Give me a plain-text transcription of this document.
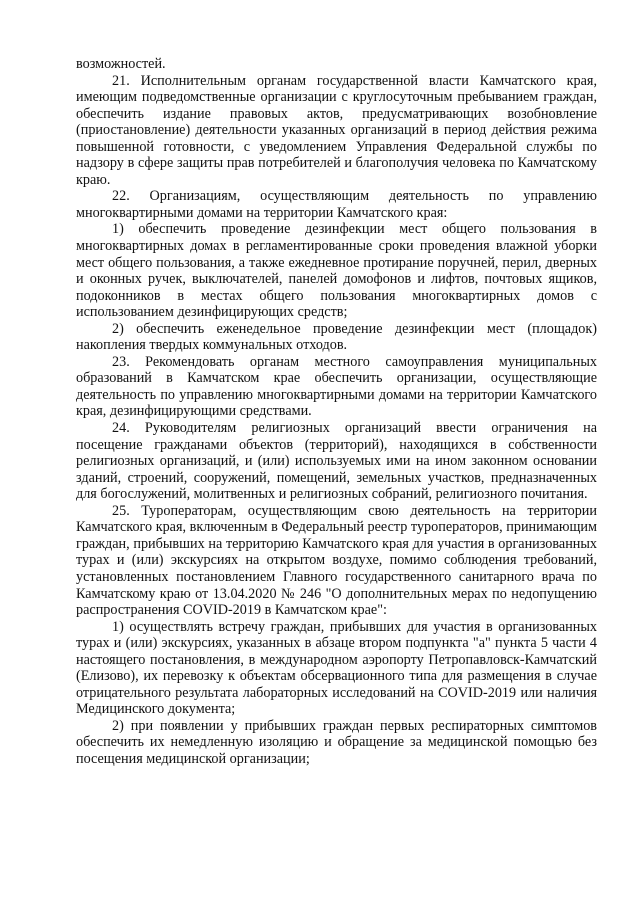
возможностей.

21. Исполнительным органам государственной власти Камчатского края, имеющим подведомственные организации с круглосуточным пребыванием граждан, обеспечить издание правовых актов, предусматривающих возобновление (приостановление) деятельности указанных организаций в период действия режима повышенной готовности, с уведомлением Управления Федеральной службы по надзору в сфере защиты прав потребителей и благополучия человека по Камчатскому краю.

22. Организациям, осуществляющим деятельность по управлению многоквартирными домами на территории Камчатского края:

1) обеспечить проведение дезинфекции мест общего пользования в многоквартирных домах в регламентированные сроки проведения влажной уборки мест общего пользования, а также ежедневное протирание поручней, перил, дверных и оконных ручек, выключателей, панелей домофонов и лифтов, почтовых ящиков, подоконников в местах общего пользования многоквартирных домов с использованием дезинфицирующих средств;

2) обеспечить еженедельное проведение дезинфекции мест (площадок) накопления твердых коммунальных отходов.

23. Рекомендовать органам местного самоуправления муниципальных образований в Камчатском крае обеспечить организации, осуществляющие деятельность по управлению многоквартирными домами на территории Камчатского края, дезинфицирующими средствами.

24. Руководителям религиозных организаций ввести ограничения на посещение гражданами объектов (территорий), находящихся в собственности религиозных организаций, и (или) используемых ими на ином законном основании зданий, строений, сооружений, помещений, земельных участков, предназначенных для богослужений, молитвенных и религиозных собраний, религиозного почитания.

25. Туроператорам, осуществляющим свою деятельность на территории Камчатского края, включенным в Федеральный реестр туроператоров, принимающим граждан, прибывших на территорию Камчатского края для участия в организованных турах и (или) экскурсиях на открытом воздухе, помимо соблюдения требований, установленных постановлением Главного государственного санитарного врача по Камчатскому краю от 13.04.2020 № 246 "О дополнительных мерах по недопущению распространения COVID-2019 в Камчатском крае":

1) осуществлять встречу граждан, прибывших для участия в организованных турах и (или) экскурсиях, указанных в абзаце втором подпункта "а" пункта 5 части 4 настоящего постановления, в международном аэропорту Петропавловск-Камчатский (Елизово), их перевозку к объектам обсервационного типа для размещения в случае отрицательного результата лабораторных исследований на COVID-2019 или наличия Медицинского документа;

2) при появлении у прибывших граждан первых респираторных симптомов обеспечить их немедленную изоляцию и обращение за медицинской помощью без посещения медицинской организации;
